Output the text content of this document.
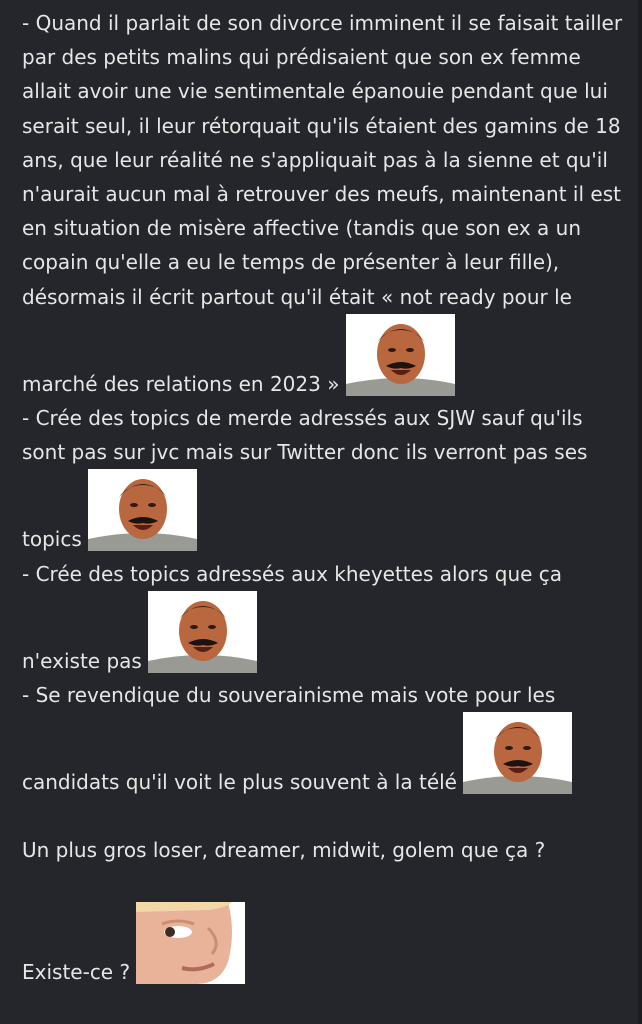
- Quand il parlait de son divorce imminent il se faisait tailler par des petits malins qui prédisaient que son ex femme allait avoir une vie sentimentale épanouie pendant que lui serait seul, il leur rétorquait qu'ils étaient des gamins de 18 ans, que leur réalité ne s'appliquait pas à la sienne et qu'il n'aurait aucun mal à retrouver des meufs, maintenant il est en situation de misère affective (tandis que son ex a un copain qu'elle a eu le temps de présenter à leur fille), désormais il écrit partout qu'il était « not ready pour le marché des relations en 2023 »

- Crée des topics de merde adressés aux SJW sauf qu'ils sont pas sur jvc mais sur Twitter donc ils verront pas ses topics

- Crée des topics adressés aux kheyettes alors que ça n'existe pas

- Se revendique du souverainisme mais vote pour les candidats qu'il voit le plus souvent à la télé

Un plus gros loser, dreamer, midwit, golem que ça ?

Existe-ce ?
